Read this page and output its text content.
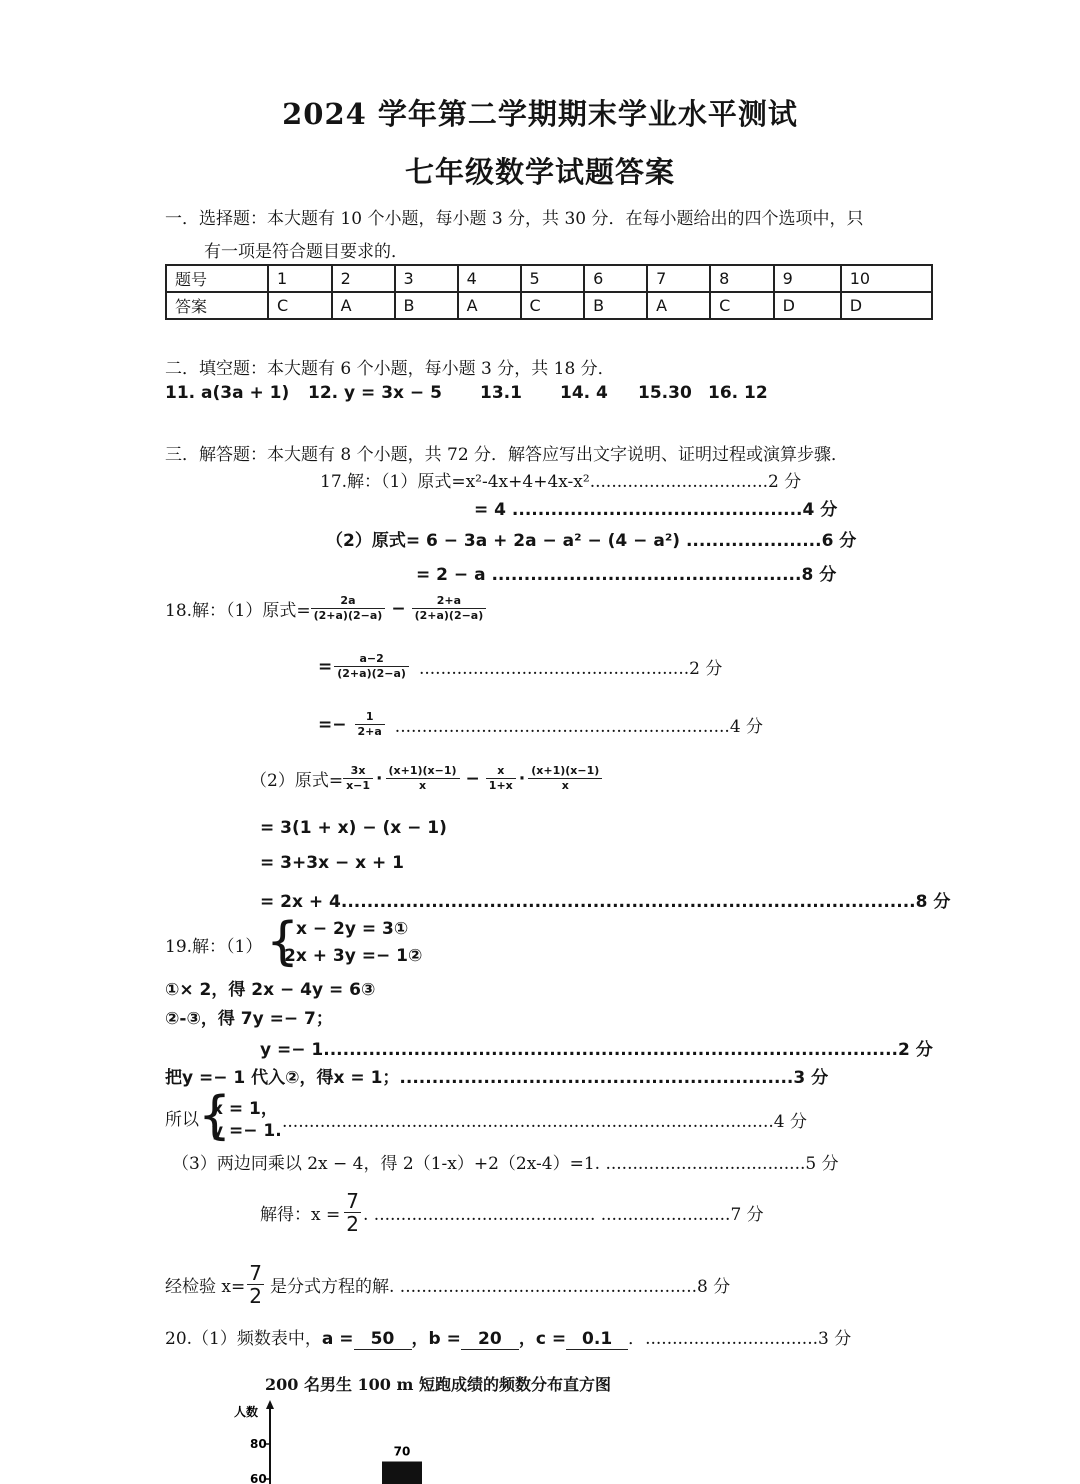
2024 学年第二学期期末学业水平测试
七年级数学试题答案
一．选择题：本大题有 10 个小题，每小题 3 分，共 30 分．在每小题给出的四个选项中，只
有一项是符合题目要求的．
题号	1	2	3	4	5	6	7	8	9	10
答案	C	A	B	A	C	B	A	C	D	D
二．填空题：本大题有 6 个小题，每小题 3 分，共 18 分．
11. a(3a + 1) 12. y = 3x − 5 13.1 14. 4 15.30 16. 12
三．解答题：本大题有 8 个小题，共 72 分．解答应写出文字说明、证明过程或演算步骤．
17.解：（1）原式=x²-4x+4+4x-x².................................2 分
= 4 .............................................4 分
（2）原式= 6 − 3a + 2a − a² − (4 − a²) .....................6 分
= 2 − a ................................................8 分
18.解：（1）原式= $\frac{2a}{(2+a)(2-a)} - \frac{2+a}{(2+a)(2-a)}$
= $\frac{a-2}{(2+a)(2-a)} ..................................................2$ 分
=− $\frac{1}{2+a} ..............................................................4$ 分
（2）原式= $\frac{3x}{x-1} \cdot \frac{(x+1)(x-1)}{x} - \frac{x}{1+x} \cdot \frac{(x+1)(x-1)}{x}$
= 3(1 + x) − (x − 1)
= 3+3x − x + 1
= 2x + 4.........................................................................................8 分
19.解：（1） {
x − 2y = 3①
2x + 3y =− 1②
①× 2，得 2x − 4y = 6③
②-③，得 7y =− 7；
y =− 1.........................................................................................2 分
把y =− 1 代入②，得x = 1；.............................................................3 分
所以 {
x = 1，
y =− 1. ...........................................................................................4 分
（3）两边同乘以 2x − 4，得 2（1-x）+2（2x-4）=1. .....................................5 分
解得：$x = \frac{7}{2}$ . ......................................... ........................7 分
经检验 $x= \frac{7}{2}$ 是分式方程的解. .......................................................8 分
20.（1）频数表中，a = 50 ，b = 20 ，c = 0.1 ．................................3 分
200 名男生 100 m 短跑成绩的频数分布直方图
人数
60
80
70
